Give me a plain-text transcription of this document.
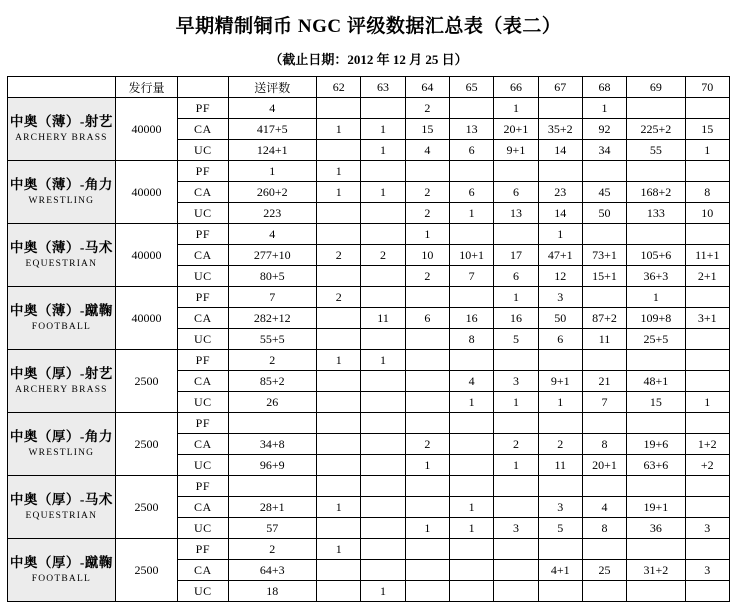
早期精制铜币 NGC 评级数据汇总表（表二）
（截止日期：2012 年 12 月 25 日）
	发行量		送评数	62	63	64	65	66	67	68	69	70

中奥（薄）-射艺
ARCHERY BRASS	40000	PF	4			2		1		1		
		CA	417+5	1	1	15	13	20+1	35+2	92	225+2	15
		UC	124+1		1	4	6	9+1	14	34	55	1

中奥（薄）-角力
WRESTLING	40000	PF	1	1								
		CA	260+2	1	1	2	6	6	23	45	168+2	8
		UC	223			2	1	13	14	50	133	10

中奥（薄）-马术
EQUESTRIAN	40000	PF	4			1			1			
		CA	277+10	2	2	10	10+1	17	47+1	73+1	105+6	11+1
		UC	80+5			2	7	6	12	15+1	36+3	2+1

中奥（薄）-蹴鞠
FOOTBALL	40000	PF	7	2				1	3		1	
		CA	282+12		11	6	16	16	50	87+2	109+8	3+1
		UC	55+5				8	5	6	11	25+5	

中奥（厚）-射艺
ARCHERY BRASS	2500	PF	2	1	1							
		CA	85+2				4	3	9+1	21	48+1	
		UC	26				1	1	1	7	15	1

中奥（厚）-角力
WRESTLING	2500	PF										
		CA	34+8			2		2	2	8	19+6	1+2
		UC	96+9			1		1	11	20+1	63+6	+2

中奥（厚）-马术
EQUESTRIAN	2500	PF										
		CA	28+1	1			1		3	4	19+1	
		UC	57			1	1	3	5	8	36	3

中奥（厚）-蹴鞠
FOOTBALL	2500	PF	2	1								
		CA	64+3						4+1	25	31+2	3
		UC	18		1							
